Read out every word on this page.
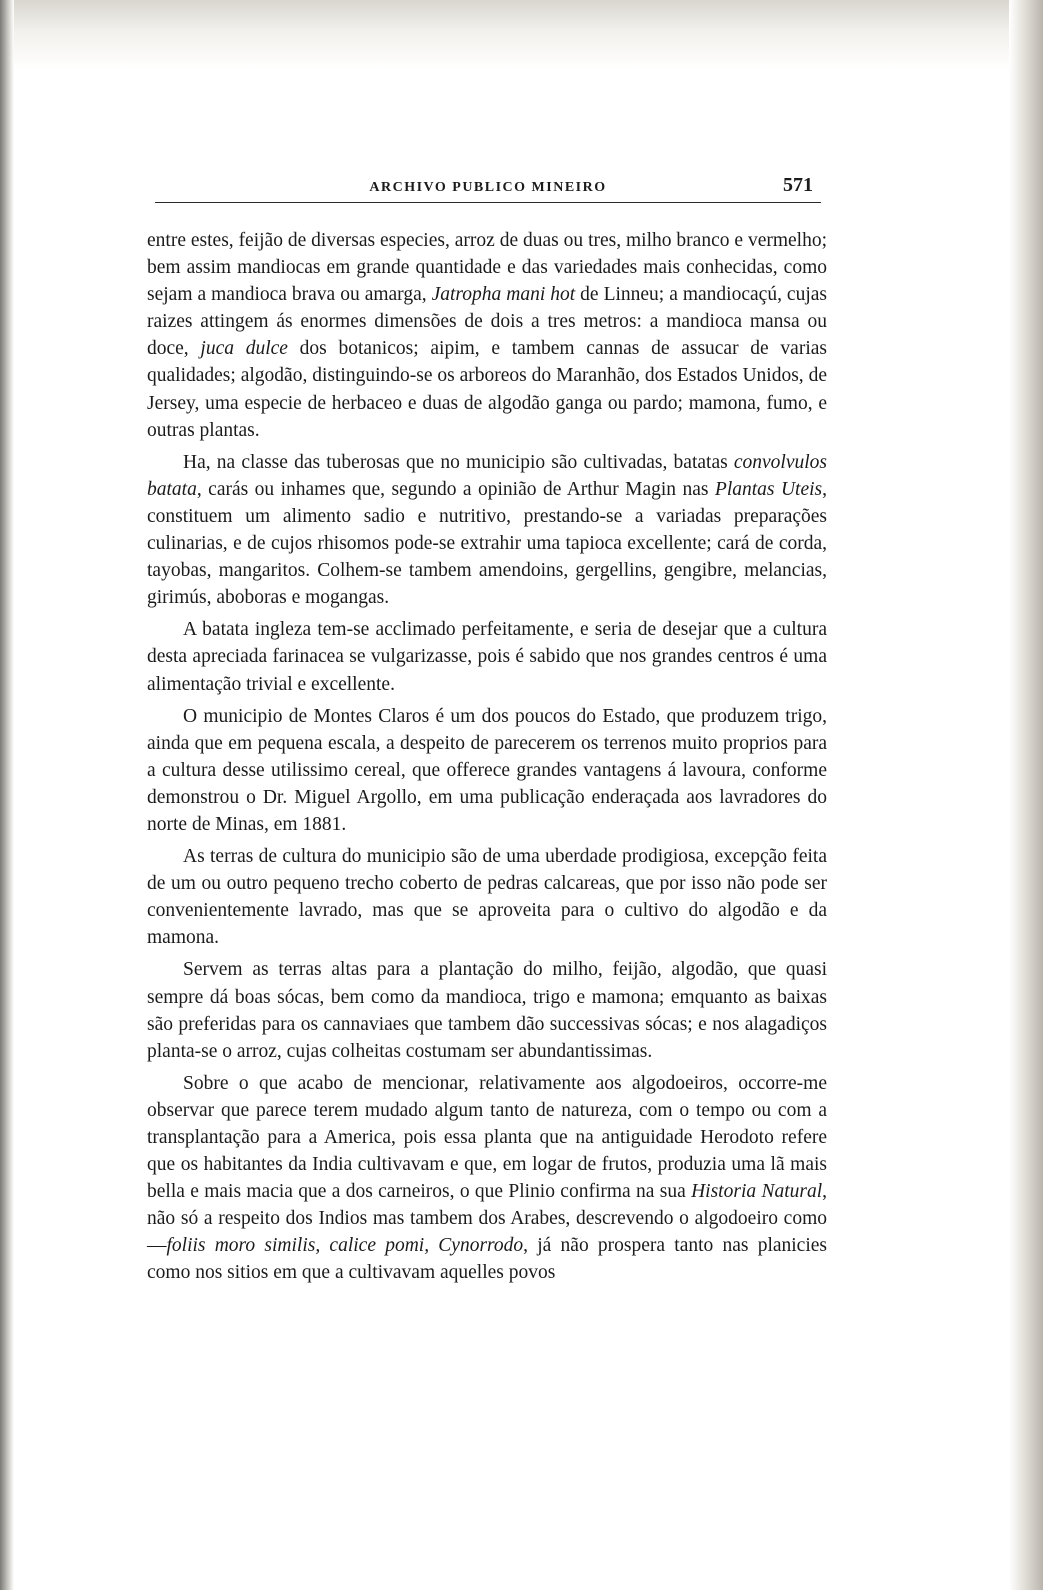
ARCHIVO PUBLICO MINEIRO	571

entre estes, feijão de diversas especies, arroz de duas ou tres, milho branco e vermelho; bem assim mandiocas em grande quantidade e das variedades mais conhecidas, como sejam a mandioca brava ou amarga, Jatropha mani hot de Linneu; a mandiocaçú, cujas raizes attingem ás enormes dimensões de dois a tres metros: a mandioca mansa ou doce, juca dulce dos botanicos; aipim, e tambem cannas de assucar de varias qualidades; algodão, distinguindo-se os arboreos do Maranhão, dos Estados Unidos, de Jersey, uma especie de herbaceo e duas de algodão ganga ou pardo; mamona, fumo, e outras plantas.

Ha, na classe das tuberosas que no municipio são cultivadas, batatas convolvulos batata, carás ou inhames que, segundo a opinião de Arthur Magin nas Plantas Uteis, constituem um alimento sadio e nutritivo, prestando-se a variadas preparações culinarias, e de cujos rhisomos pode-se extrahir uma tapioca excellente; cará de corda, tayobas, mangaritos. Colhem-se tambem amendoins, gergellins, gengibre, melancias, girimús, aboboras e mogangas.

A batata ingleza tem-se acclimado perfeitamente, e seria de desejar que a cultura desta apreciada farinacea se vulgarizasse, pois é sabido que nos grandes centros é uma alimentação trivial e excellente.

O municipio de Montes Claros é um dos poucos do Estado, que produzem trigo, ainda que em pequena escala, a despeito de parecerem os terrenos muito proprios para a cultura desse utilissimo cereal, que offerece grandes vantagens á lavoura, conforme demonstrou o Dr. Miguel Argollo, em uma publicação enderaçada aos lavradores do norte de Minas, em 1881.

As terras de cultura do municipio são de uma uberdade prodigiosa, excepção feita de um ou outro pequeno trecho coberto de pedras calcareas, que por isso não pode ser convenientemente lavrado, mas que se aproveita para o cultivo do algodão e da mamona.

Servem as terras altas para a plantação do milho, feijão, algodão, que quasi sempre dá boas sócas, bem como da mandioca, trigo e mamona; emquanto as baixas são preferidas para os cannaviaes que tambem dão successivas sócas; e nos alagadiços planta-se o arroz, cujas colheitas costumam ser abundantissimas.

Sobre o que acabo de mencionar, relativamente aos algodoeiros, occorre-me observar que parece terem mudado algum tanto de natureza, com o tempo ou com a transplantação para a America, pois essa planta que na antiguidade Herodoto refere que os habitantes da India cultivavam e que, em logar de frutos, produzia uma lã mais bella e mais macia que a dos carneiros, o que Plinio confirma na sua Historia Natural, não só a respeito dos Indios mas tambem dos Arabes, descrevendo o algodoeiro como—foliis moro similis, calice pomi, Cynorrodo, já não prospera tanto nas planicies como nos sitios em que a cultivavam aquelles povos
